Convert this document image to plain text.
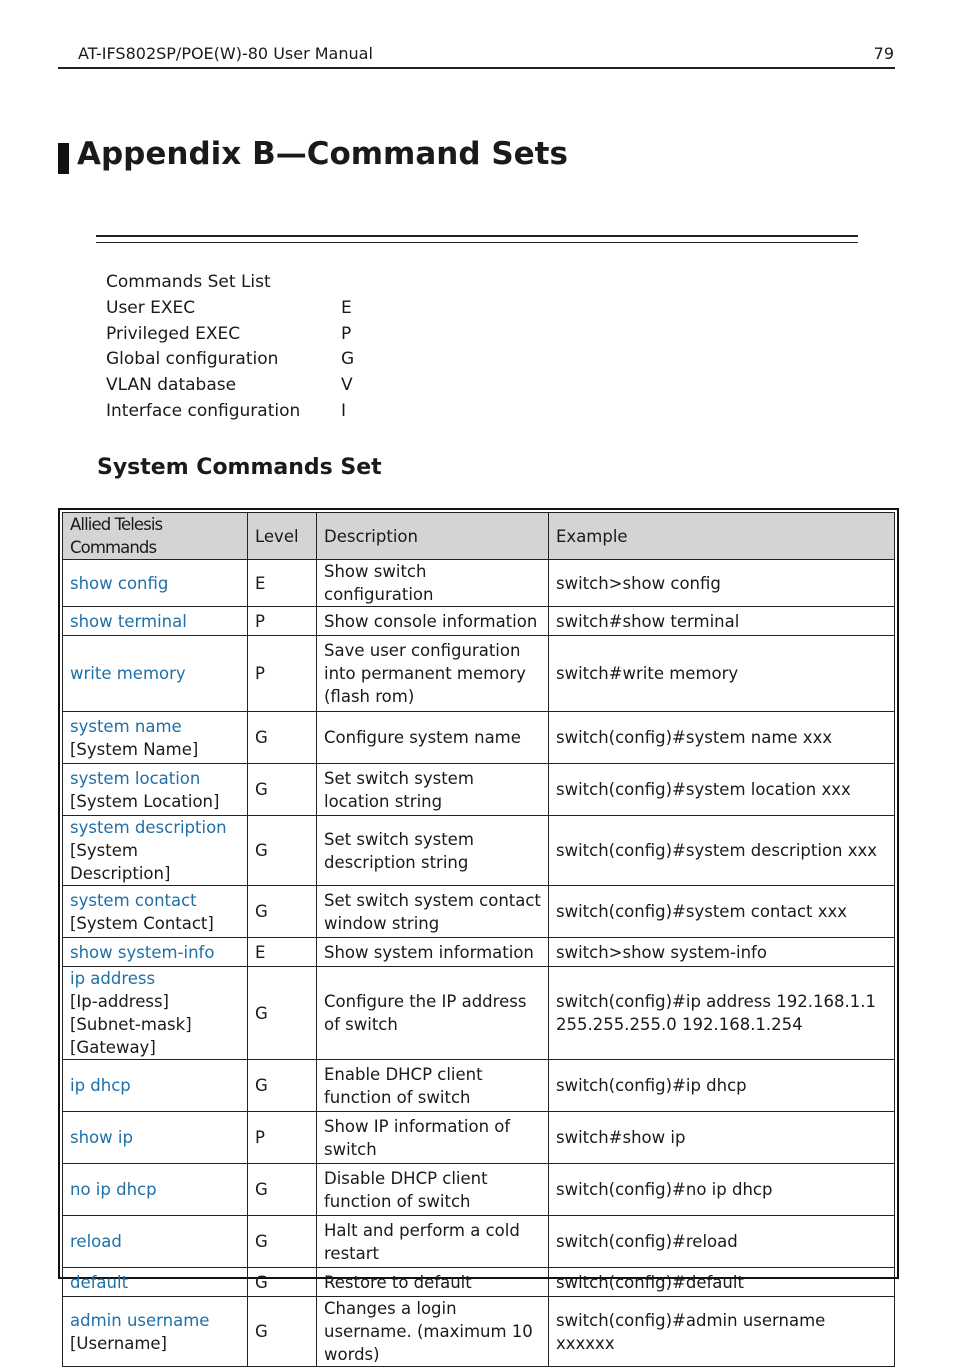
AT-IFS802SP/POE(W)-80 User Manual	79
Appendix B—Command Sets
Commands Set List
User EXEC	E
Privileged EXEC	P
Global configuration	G
VLAN database	V
Interface configuration	I
System Commands Set
Allied Telesis Commands	Level	Description	Example

show config	E	Show switch configuration	switch>show config

show terminal	P	Show console information	switch#show terminal

write memory	P	Save user configuration into permanent memory (flash rom)	switch#write memory

system name
[System Name]	G	Configure system name	switch(config)#system name xxx

system location
[System Location]	G	Set switch system location string	switch(config)#system location xxx

system description
[System Description]	G	Set switch system description string	switch(config)#system description xxx

system contact
[System Contact]	G	Set switch system contact window string	switch(config)#system contact xxx

show system-info	E	Show system information	switch>show system-info

ip address
[Ip-address] [Subnet-mask] [Gateway]	G	Configure the IP address of switch	switch(config)#ip address 192.168.1.1 255.255.255.0 192.168.1.254

ip dhcp	G	Enable DHCP client function of switch	switch(config)#ip dhcp

show ip	P	Show IP information of switch	switch#show ip

no ip dhcp	G	Disable DHCP client function of switch	switch(config)#no ip dhcp

reload	G	Halt and perform a cold restart	switch(config)#reload

default	G	Restore to default	switch(config)#default

admin username
[Username]	G	Changes a login username. (maximum 10 words)	switch(config)#admin username xxxxxx
